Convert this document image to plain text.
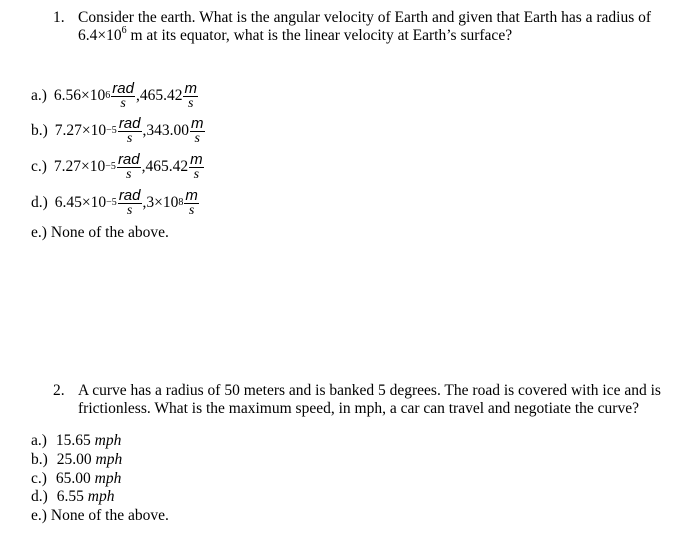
1. Consider the earth. What is the angular velocity of Earth and given that Earth has a radius of
$6.4\times 10^6$ m at its equator, what is the linear velocity at Earth’s surface?
a.) 6.56×10 $6 \frac{\text{rad}}{s}$ , $465.42 \frac{m}{s}$
b.) $7.27\times 10 -5 \frac{\text{rad}}{s}$ , $343.00 \frac{m}{s}$
c.) $7.27\times 10 -5 \frac{\text{rad}}{s}$ , $465.42 \frac{m}{s}$
d.) $6.45\times 10 -5 \frac{\text{rad}}{s}$ , 3×10 $8 \frac{m}{s}$
e.) None of the above.
2. A curve has a radius of 50 meters and is banked 5 degrees. The road is covered with ice and is
frictionless. What is the maximum speed, in mph, a car can travel and negotiate the curve?
a.) 15.65
mph
b.) 25.00
mph
c.) 65.00
mph
d.) 6.55
mph
e.) None of the above.
